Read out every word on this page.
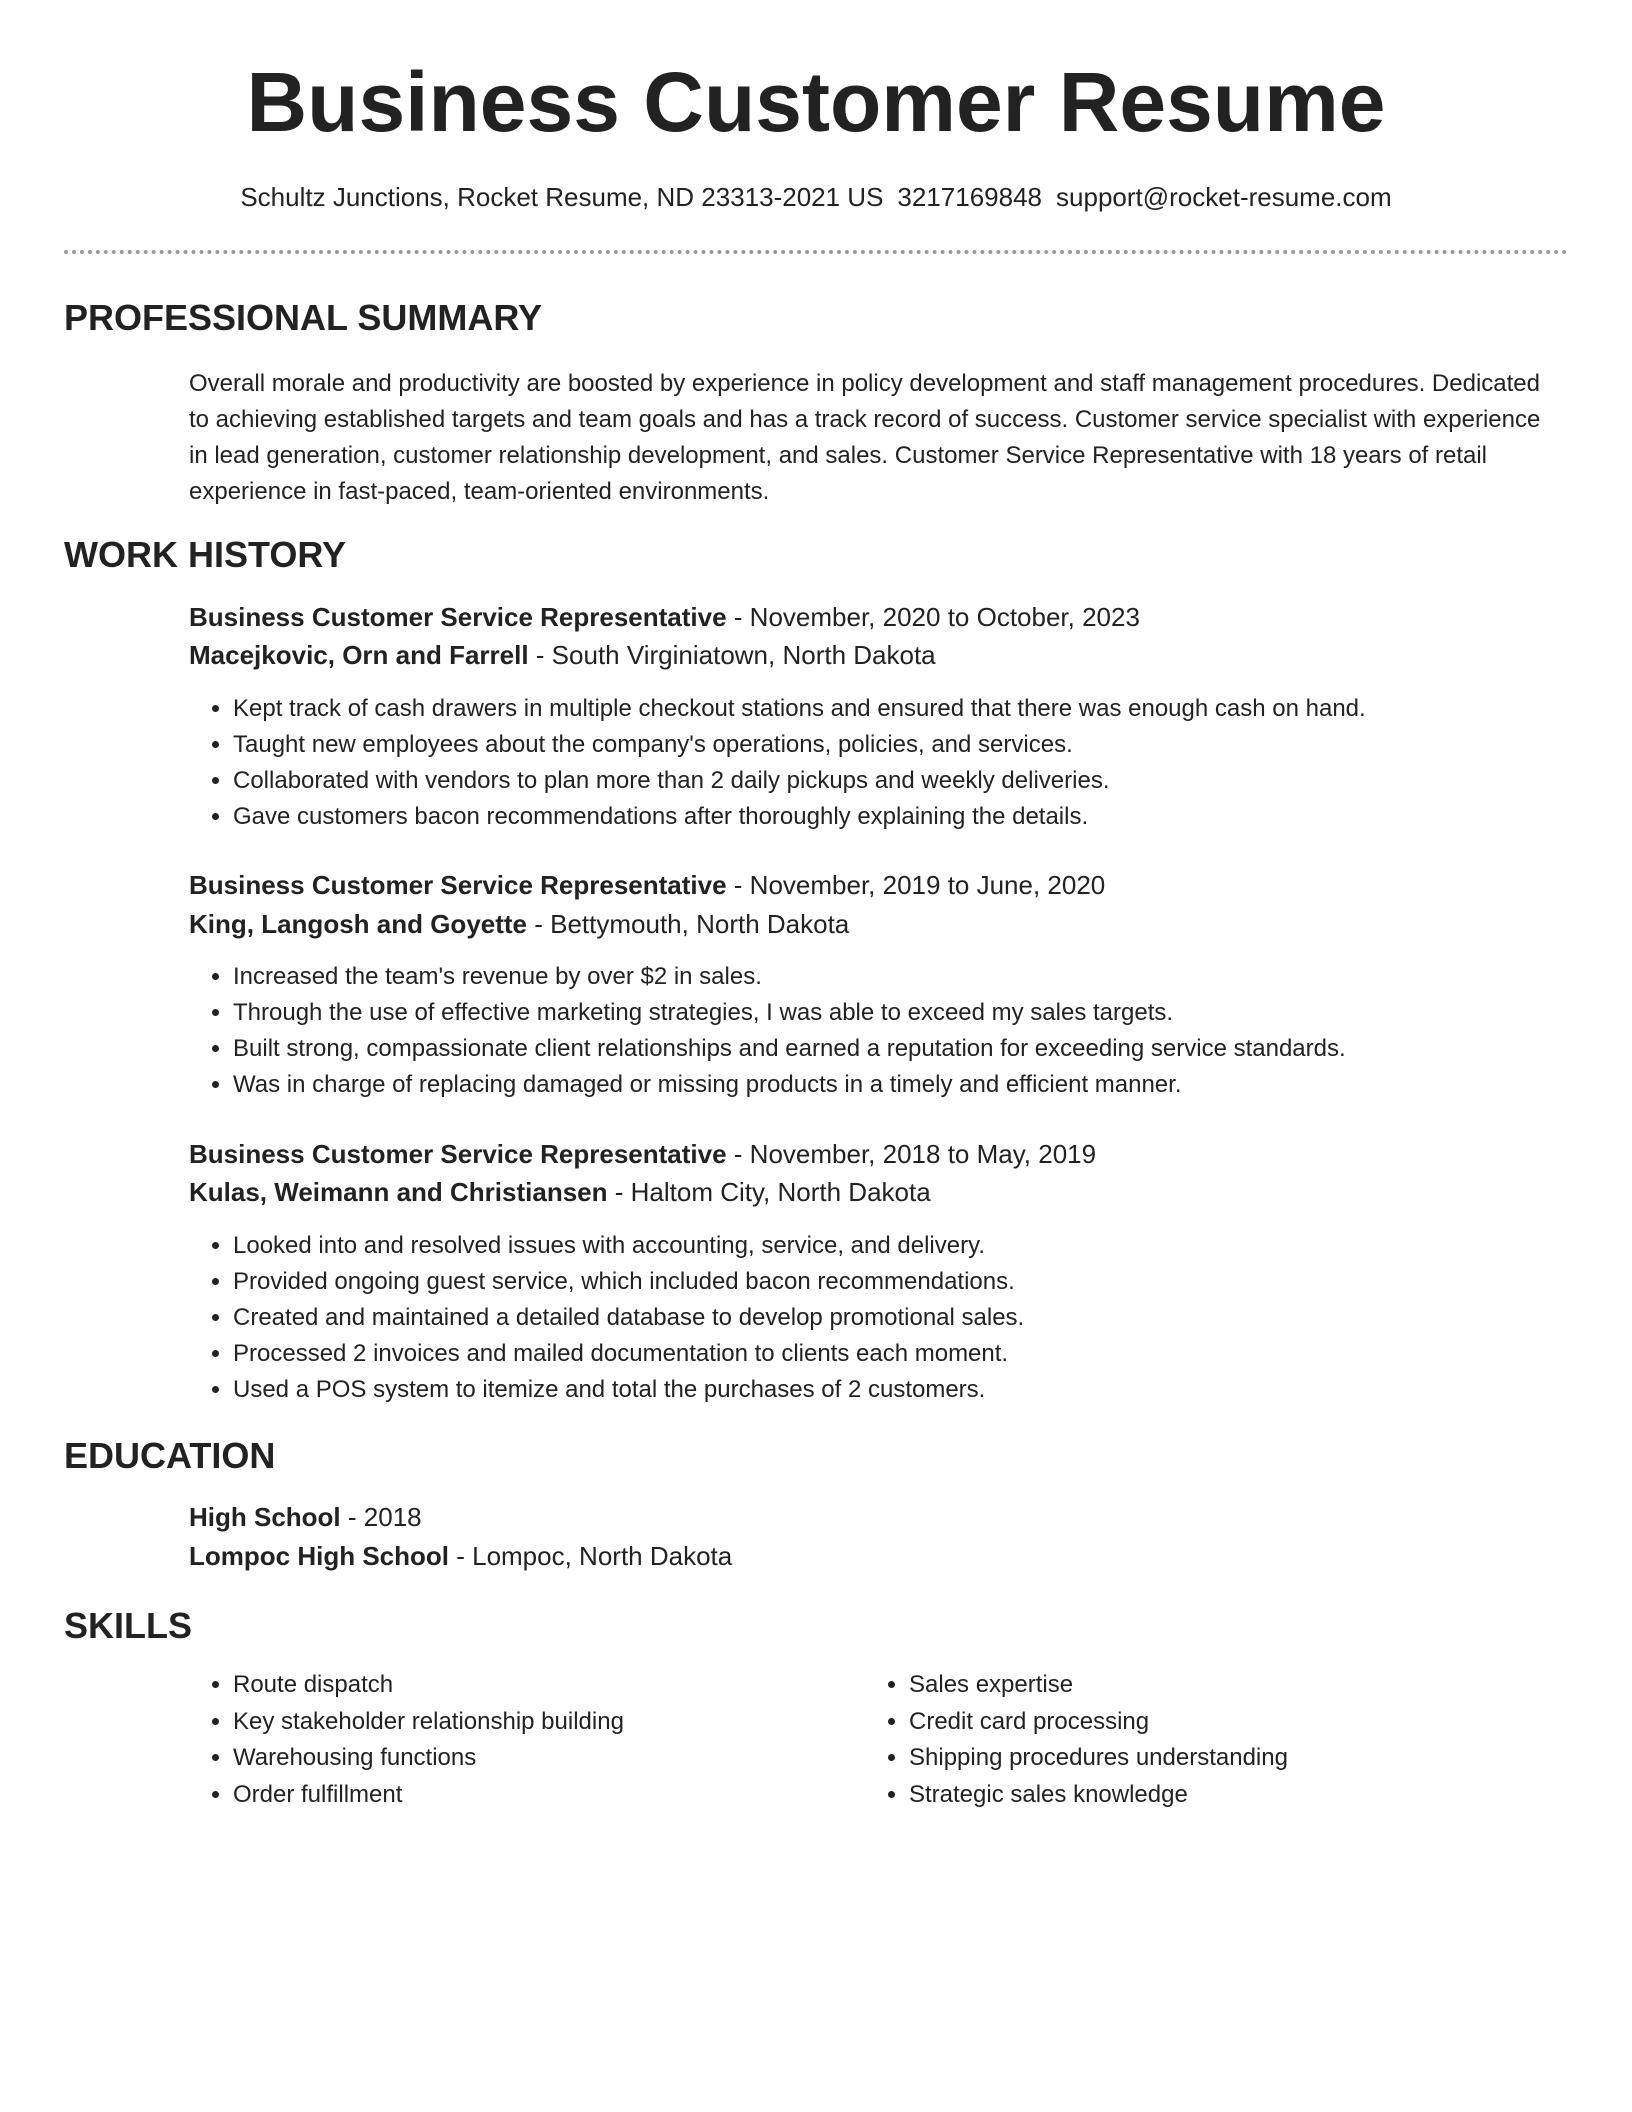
Business Customer Resume
Schultz Junctions, Rocket Resume, ND 23313-2021 US 3217169848 support@rocket-resume.com
PROFESSIONAL SUMMARY

Overall morale and productivity are boosted by experience in policy development and staff management procedures. Dedicated to achieving established targets and team goals and has a track record of success. Customer service specialist with experience in lead generation, customer relationship development, and sales. Customer Service Representative with 18 years of retail experience in fast-paced, team-oriented environments.

WORK HISTORY
Business Customer Service Representative - November, 2020 to October, 2023
Macejkovic, Orn and Farrell - South Virginiatown, North Dakota
• Kept track of cash drawers in multiple checkout stations and ensured that there was enough cash on hand.
• Taught new employees about the company's operations, policies, and services.
• Collaborated with vendors to plan more than 2 daily pickups and weekly deliveries.
• Gave customers bacon recommendations after thoroughly explaining the details.
Business Customer Service Representative - November, 2019 to June, 2020
King, Langosh and Goyette - Bettymouth, North Dakota
• Increased the team's revenue by over $2 in sales.
• Through the use of effective marketing strategies, I was able to exceed my sales targets.
• Built strong, compassionate client relationships and earned a reputation for exceeding service standards.
• Was in charge of replacing damaged or missing products in a timely and efficient manner.
Business Customer Service Representative - November, 2018 to May, 2019
Kulas, Weimann and Christiansen - Haltom City, North Dakota
• Looked into and resolved issues with accounting, service, and delivery.
• Provided ongoing guest service, which included bacon recommendations.
• Created and maintained a detailed database to develop promotional sales.
• Processed 2 invoices and mailed documentation to clients each moment.
• Used a POS system to itemize and total the purchases of 2 customers.
EDUCATION
High School - 2018
Lompoc High School - Lompoc, North Dakota
SKILLS
• Route dispatch
• Key stakeholder relationship building
• Warehousing functions
• Order fulfillment
• Sales expertise
• Credit card processing
• Shipping procedures understanding
• Strategic sales knowledge
